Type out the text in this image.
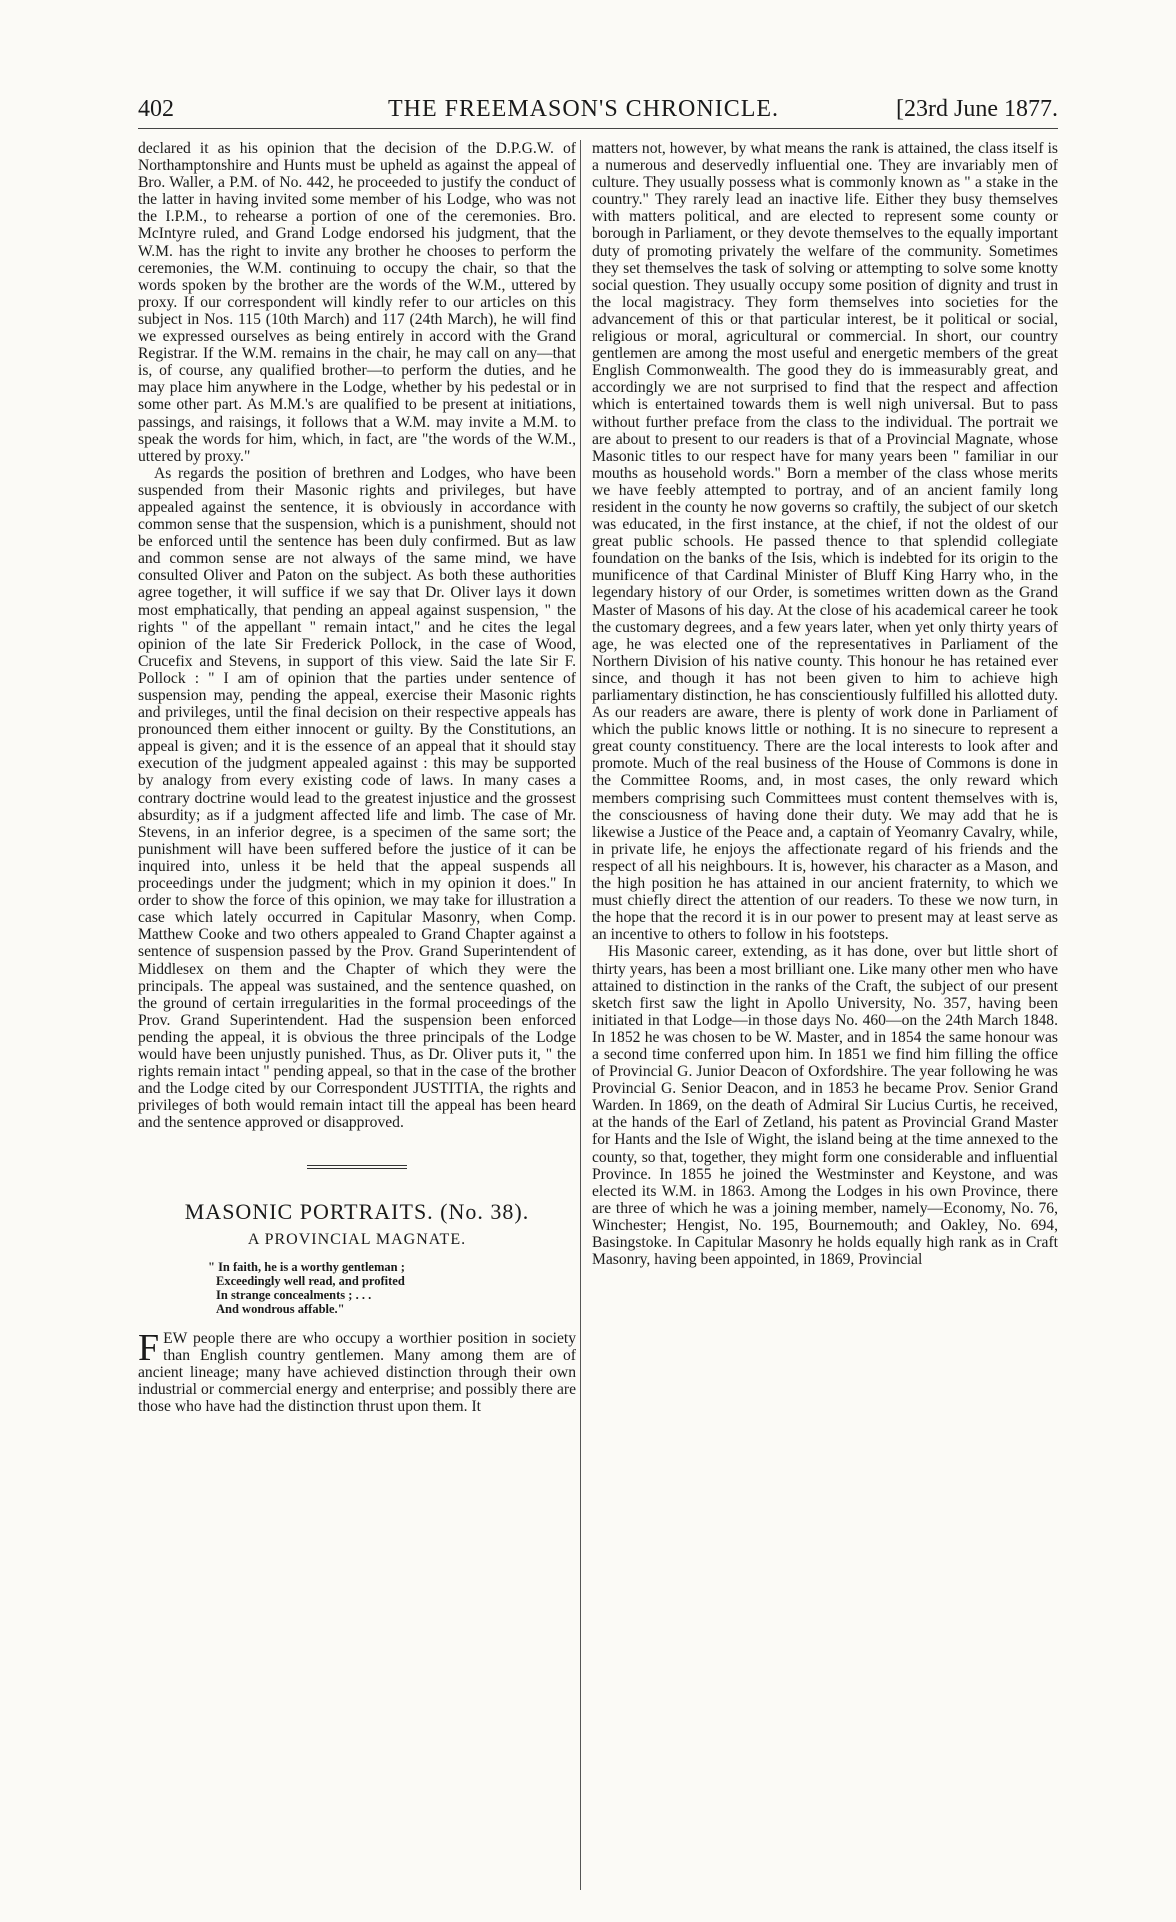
402	THE FREEMASON'S CHRONICLE.	[23rd June 1877.

declared it as his opinion that the decision of the D.P.G.W. of Northamptonshire and Hunts must be upheld as against the appeal of Bro. Waller, a P.M. of No. 442, he proceeded to justify the conduct of the latter in having invited some member of his Lodge, who was not the I.P.M., to rehearse a portion of one of the ceremonies. Bro. McIntyre ruled, and Grand Lodge endorsed his judgment, that the W.M. has the right to invite any brother he chooses to perform the ceremonies, the W.M. continuing to occupy the chair, so that the words spoken by the brother are the words of the W.M., uttered by proxy. If our correspondent will kindly refer to our articles on this subject in Nos. 115 (10th March) and 117 (24th March), he will find we expressed ourselves as being entirely in accord with the Grand Registrar. If the W.M. remains in the chair, he may call on any—that is, of course, any qualified brother—to perform the duties, and he may place him anywhere in the Lodge, whether by his pedestal or in some other part. As M.M.'s are qualified to be present at initiations, passings, and raisings, it follows that a W.M. may invite a M.M. to speak the words for him, which, in fact, are "the words of the W.M., uttered by proxy."

As regards the position of brethren and Lodges, who have been suspended from their Masonic rights and privileges, but have appealed against the sentence, it is obviously in accordance with common sense that the suspension, which is a punishment, should not be enforced until the sentence has been duly confirmed. But as law and common sense are not always of the same mind, we have consulted Oliver and Paton on the subject. As both these authorities agree together, it will suffice if we say that Dr. Oliver lays it down most emphatically, that pending an appeal against suspension, " the rights " of the appellant " remain intact," and he cites the legal opinion of the late Sir Frederick Pollock, in the case of Wood, Crucefix and Stevens, in support of this view. Said the late Sir F. Pollock : " I am of opinion that the parties under sentence of suspension may, pending the appeal, exercise their Masonic rights and privileges, until the final decision on their respective appeals has pronounced them either innocent or guilty. By the Constitutions, an appeal is given; and it is the essence of an appeal that it should stay execution of the judgment appealed against : this may be supported by analogy from every existing code of laws. In many cases a contrary doctrine would lead to the greatest injustice and the grossest absurdity; as if a judgment affected life and limb. The case of Mr. Stevens, in an inferior degree, is a specimen of the same sort; the punishment will have been suffered before the justice of it can be inquired into, unless it be held that the appeal suspends all proceedings under the judgment; which in my opinion it does." In order to show the force of this opinion, we may take for illustration a case which lately occurred in Capitular Masonry, when Comp. Matthew Cooke and two others appealed to Grand Chapter against a sentence of suspension passed by the Prov. Grand Superintendent of Middlesex on them and the Chapter of which they were the principals. The appeal was sustained, and the sentence quashed, on the ground of certain irregularities in the formal proceedings of the Prov. Grand Superintendent. Had the suspension been enforced pending the appeal, it is obvious the three principals of the Lodge would have been unjustly punished. Thus, as Dr. Oliver puts it, " the rights remain intact " pending appeal, so that in the case of the brother and the Lodge cited by our Correspondent JUSTITIA, the rights and privileges of both would remain intact till the appeal has been heard and the sentence approved or disapproved.

MASONIC PORTRAITS. (No. 38).
A PROVINCIAL MAGNATE.
" In faith, he is a worthy gentleman ;
Exceedingly well read, and profited
In strange concealments ; . . .
And wondrous affable."

FEW people there are who occupy a worthier position in society than English country gentlemen. Many among them are of ancient lineage; many have achieved distinction through their own industrial or commercial energy and enterprise; and possibly there are those who have had the distinction thrust upon them. It

matters not, however, by what means the rank is attained, the class itself is a numerous and deservedly influential one. They are invariably men of culture. They usually possess what is commonly known as " a stake in the country." They rarely lead an inactive life. Either they busy themselves with matters political, and are elected to represent some county or borough in Parliament, or they devote themselves to the equally important duty of promoting privately the welfare of the community. Sometimes they set themselves the task of solving or attempting to solve some knotty social question. They usually occupy some position of dignity and trust in the local magistracy. They form themselves into societies for the advancement of this or that particular interest, be it political or social, religious or moral, agricultural or commercial. In short, our country gentlemen are among the most useful and energetic members of the great English Commonwealth. The good they do is immeasurably great, and accordingly we are not surprised to find that the respect and affection which is entertained towards them is well nigh universal. But to pass without further preface from the class to the individual. The portrait we are about to present to our readers is that of a Provincial Magnate, whose Masonic titles to our respect have for many years been " familiar in our mouths as household words." Born a member of the class whose merits we have feebly attempted to portray, and of an ancient family long resident in the county he now governs so craftily, the subject of our sketch was educated, in the first instance, at the chief, if not the oldest of our great public schools. He passed thence to that splendid collegiate foundation on the banks of the Isis, which is indebted for its origin to the munificence of that Cardinal Minister of Bluff King Harry who, in the legendary history of our Order, is sometimes written down as the Grand Master of Masons of his day. At the close of his academical career he took the customary degrees, and a few years later, when yet only thirty years of age, he was elected one of the representatives in Parliament of the Northern Division of his native county. This honour he has retained ever since, and though it has not been given to him to achieve high parliamentary distinction, he has conscientiously fulfilled his allotted duty. As our readers are aware, there is plenty of work done in Parliament of which the public knows little or nothing. It is no sinecure to represent a great county constituency. There are the local interests to look after and promote. Much of the real business of the House of Commons is done in the Committee Rooms, and, in most cases, the only reward which members comprising such Committees must content themselves with is, the consciousness of having done their duty. We may add that he is likewise a Justice of the Peace and, a captain of Yeomanry Cavalry, while, in private life, he enjoys the affectionate regard of his friends and the respect of all his neighbours. It is, however, his character as a Mason, and the high position he has attained in our ancient fraternity, to which we must chiefly direct the attention of our readers. To these we now turn, in the hope that the record it is in our power to present may at least serve as an incentive to others to follow in his footsteps.

His Masonic career, extending, as it has done, over but little short of thirty years, has been a most brilliant one. Like many other men who have attained to distinction in the ranks of the Craft, the subject of our present sketch first saw the light in Apollo University, No. 357, having been initiated in that Lodge—in those days No. 460—on the 24th March 1848. In 1852 he was chosen to be W. Master, and in 1854 the same honour was a second time conferred upon him. In 1851 we find him filling the office of Provincial G. Junior Deacon of Oxfordshire. The year following he was Provincial G. Senior Deacon, and in 1853 he became Prov. Senior Grand Warden. In 1869, on the death of Admiral Sir Lucius Curtis, he received, at the hands of the Earl of Zetland, his patent as Provincial Grand Master for Hants and the Isle of Wight, the island being at the time annexed to the county, so that, together, they might form one considerable and influential Province. In 1855 he joined the Westminster and Keystone, and was elected its W.M. in 1863. Among the Lodges in his own Province, there are three of which he was a joining member, namely—Economy, No. 76, Winchester; Hengist, No. 195, Bournemouth; and Oakley, No. 694, Basingstoke. In Capitular Masonry he holds equally high rank as in Craft Masonry, having been appointed, in 1869, Provincial
